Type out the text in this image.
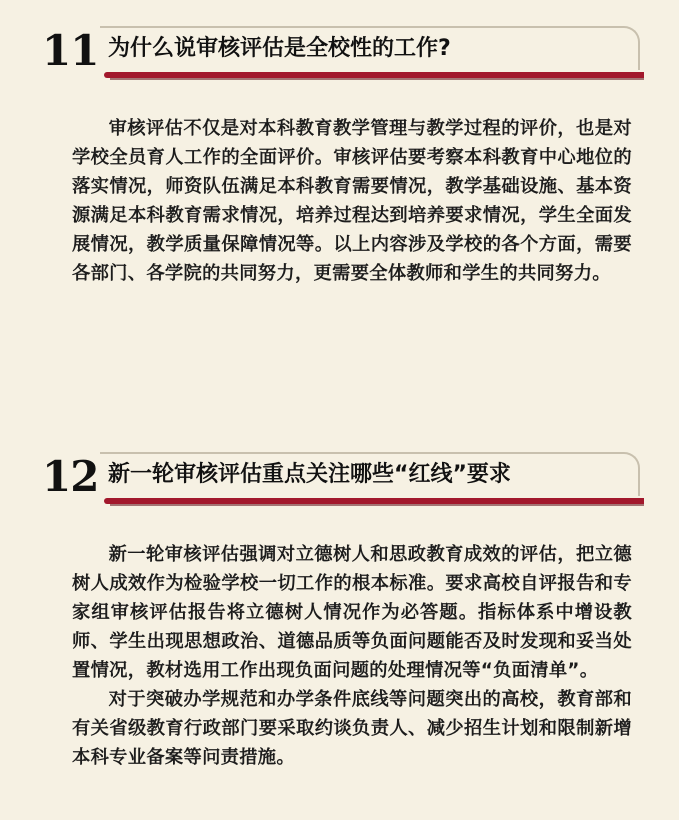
11 为什么说审核评估是全校性的工作?

审核评估不仅是对本科教育教学管理与教学过程的评价，也是对学校全员育人工作的全面评价。审核评估要考察本科教育中心地位的落实情况，师资队伍满足本科教育需要情况，教学基础设施、基本资源满足本科教育需求情况，培养过程达到培养要求情况，学生全面发展情况，教学质量保障情况等。以上内容涉及学校的各个方面，需要各部门、各学院的共同努力，更需要全体教师和学生的共同努力。

12 新一轮审核评估重点关注哪些“红线”要求

新一轮审核评估强调对立德树人和思政教育成效的评估，把立德树人成效作为检验学校一切工作的根本标准。要求高校自评报告和专家组审核评估报告将立德树人情况作为必答题。指标体系中增设教师、学生出现思想政治、道德品质等负面问题能否及时发现和妥当处置情况，教材选用工作出现负面问题的处理情况等“负面清单”。

对于突破办学规范和办学条件底线等问题突出的高校，教育部和有关省级教育行政部门要采取约谈负责人、减少招生计划和限制新增本科专业备案等问责措施。
